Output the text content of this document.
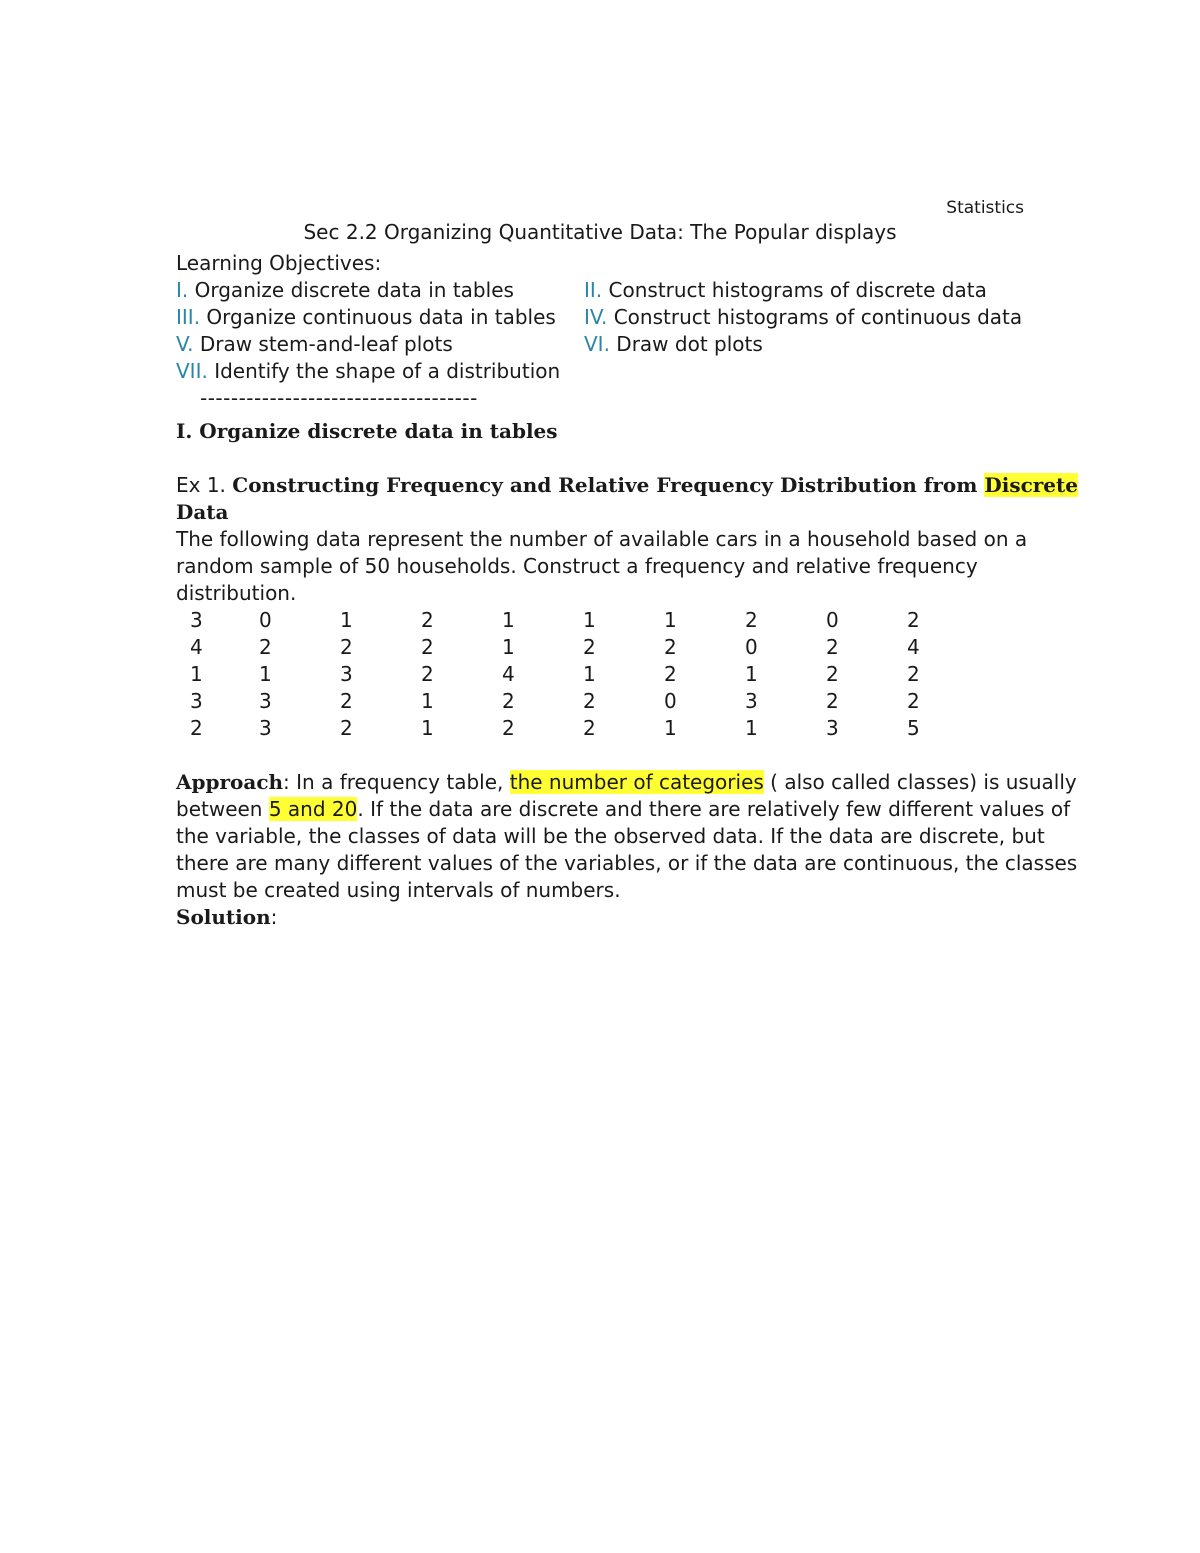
Statistics
Sec 2.2 Organizing Quantitative Data: The Popular displays
Learning Objectives:
I. Organize discrete data in tables	II. Construct histograms of discrete data
III. Organize continuous data in tables	IV. Construct histograms of continuous data
V. Draw stem-and-leaf plots	VI. Draw dot plots
VII. Identify the shape of a distribution
------------------------------------
I. Organize discrete data in tables
Ex 1. Constructing Frequency and Relative Frequency Distribution from Discrete
Data
The following data represent the number of available cars in a household based on a
random sample of 50 households. Construct a frequency and relative frequency
distribution.
3	0	1	2	1	1	1	2	0	2
4	2	2	2	1	2	2	0	2	4
1	1	3	2	4	1	2	1	2	2
3	3	2	1	2	2	0	3	2	2
2	3	2	1	2	2	1	1	3	5
Approach: In a frequency table, the number of categories ( also called classes) is usually
between 5 and 20. If the data are discrete and there are relatively few different values of
the variable, the classes of data will be the observed data. If the data are discrete, but
there are many different values of the variables, or if the data are continuous, the classes
must be created using intervals of numbers.
Solution:
